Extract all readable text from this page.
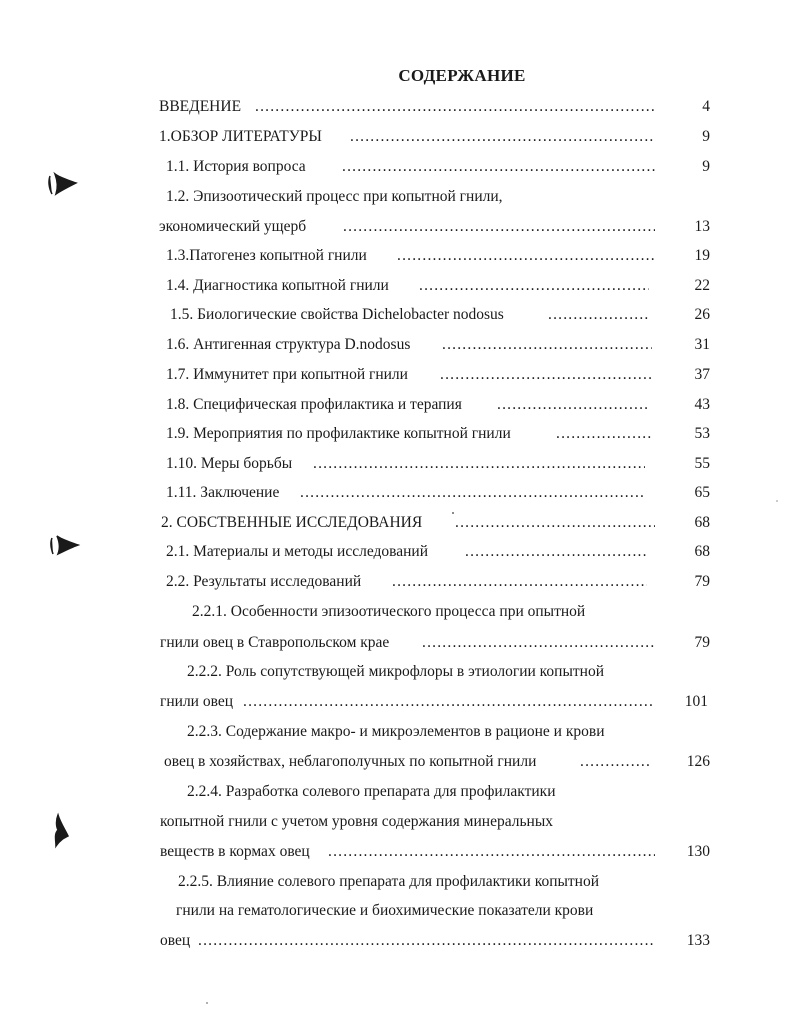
СОДЕРЖАНИЕ
ВВЕДЕНИЕ .....	4
1.ОБЗОР ЛИТЕРАТУРЫ .....	9
1.1. История вопроса .....	9
1.2. Эпизоотический процесс при копытной гнили,
экономический ущерб .....	13
1.3.Патогенез копытной гнили .....	19
1.4. Диагностика копытной гнили .....	22
1.5. Биологические свойства Dichelobacter nodosus .....	26
1.6. Антигенная структура D.nodosus .....	31
1.7. Иммунитет при копытной гнили .....	37
1.8. Специфическая профилактика и терапия .....	43
1.9. Мероприятия по профилактике копытной гнили .....	53
1.10. Меры борьбы .....	55
1.11. Заключение .....	65
2. СОБСТВЕННЫЕ ИССЛЕДОВАНИЯ .....	68
2.1. Материалы и методы исследований .....	68
2.2. Результаты исследований .....	79
2.2.1. Особенности эпизоотического процесса при опытной
гнили овец в Ставропольском крае .....	79
2.2.2. Роль сопутствующей микрофлоры в этиологии копытной
гнили овец .....	101
2.2.3. Содержание макро- и микроэлементов в рационе и крови
овец в хозяйствах, неблагополучных по копытной гнили .....	126
2.2.4. Разработка солевого препарата для профилактики
копытной гнили с учетом уровня содержания минеральных
веществ в кормах овец .....	130
2.2.5. Влияние солевого препарата для профилактики копытной
гнили на гематологические и биохимические показатели крови
овец .....	133
